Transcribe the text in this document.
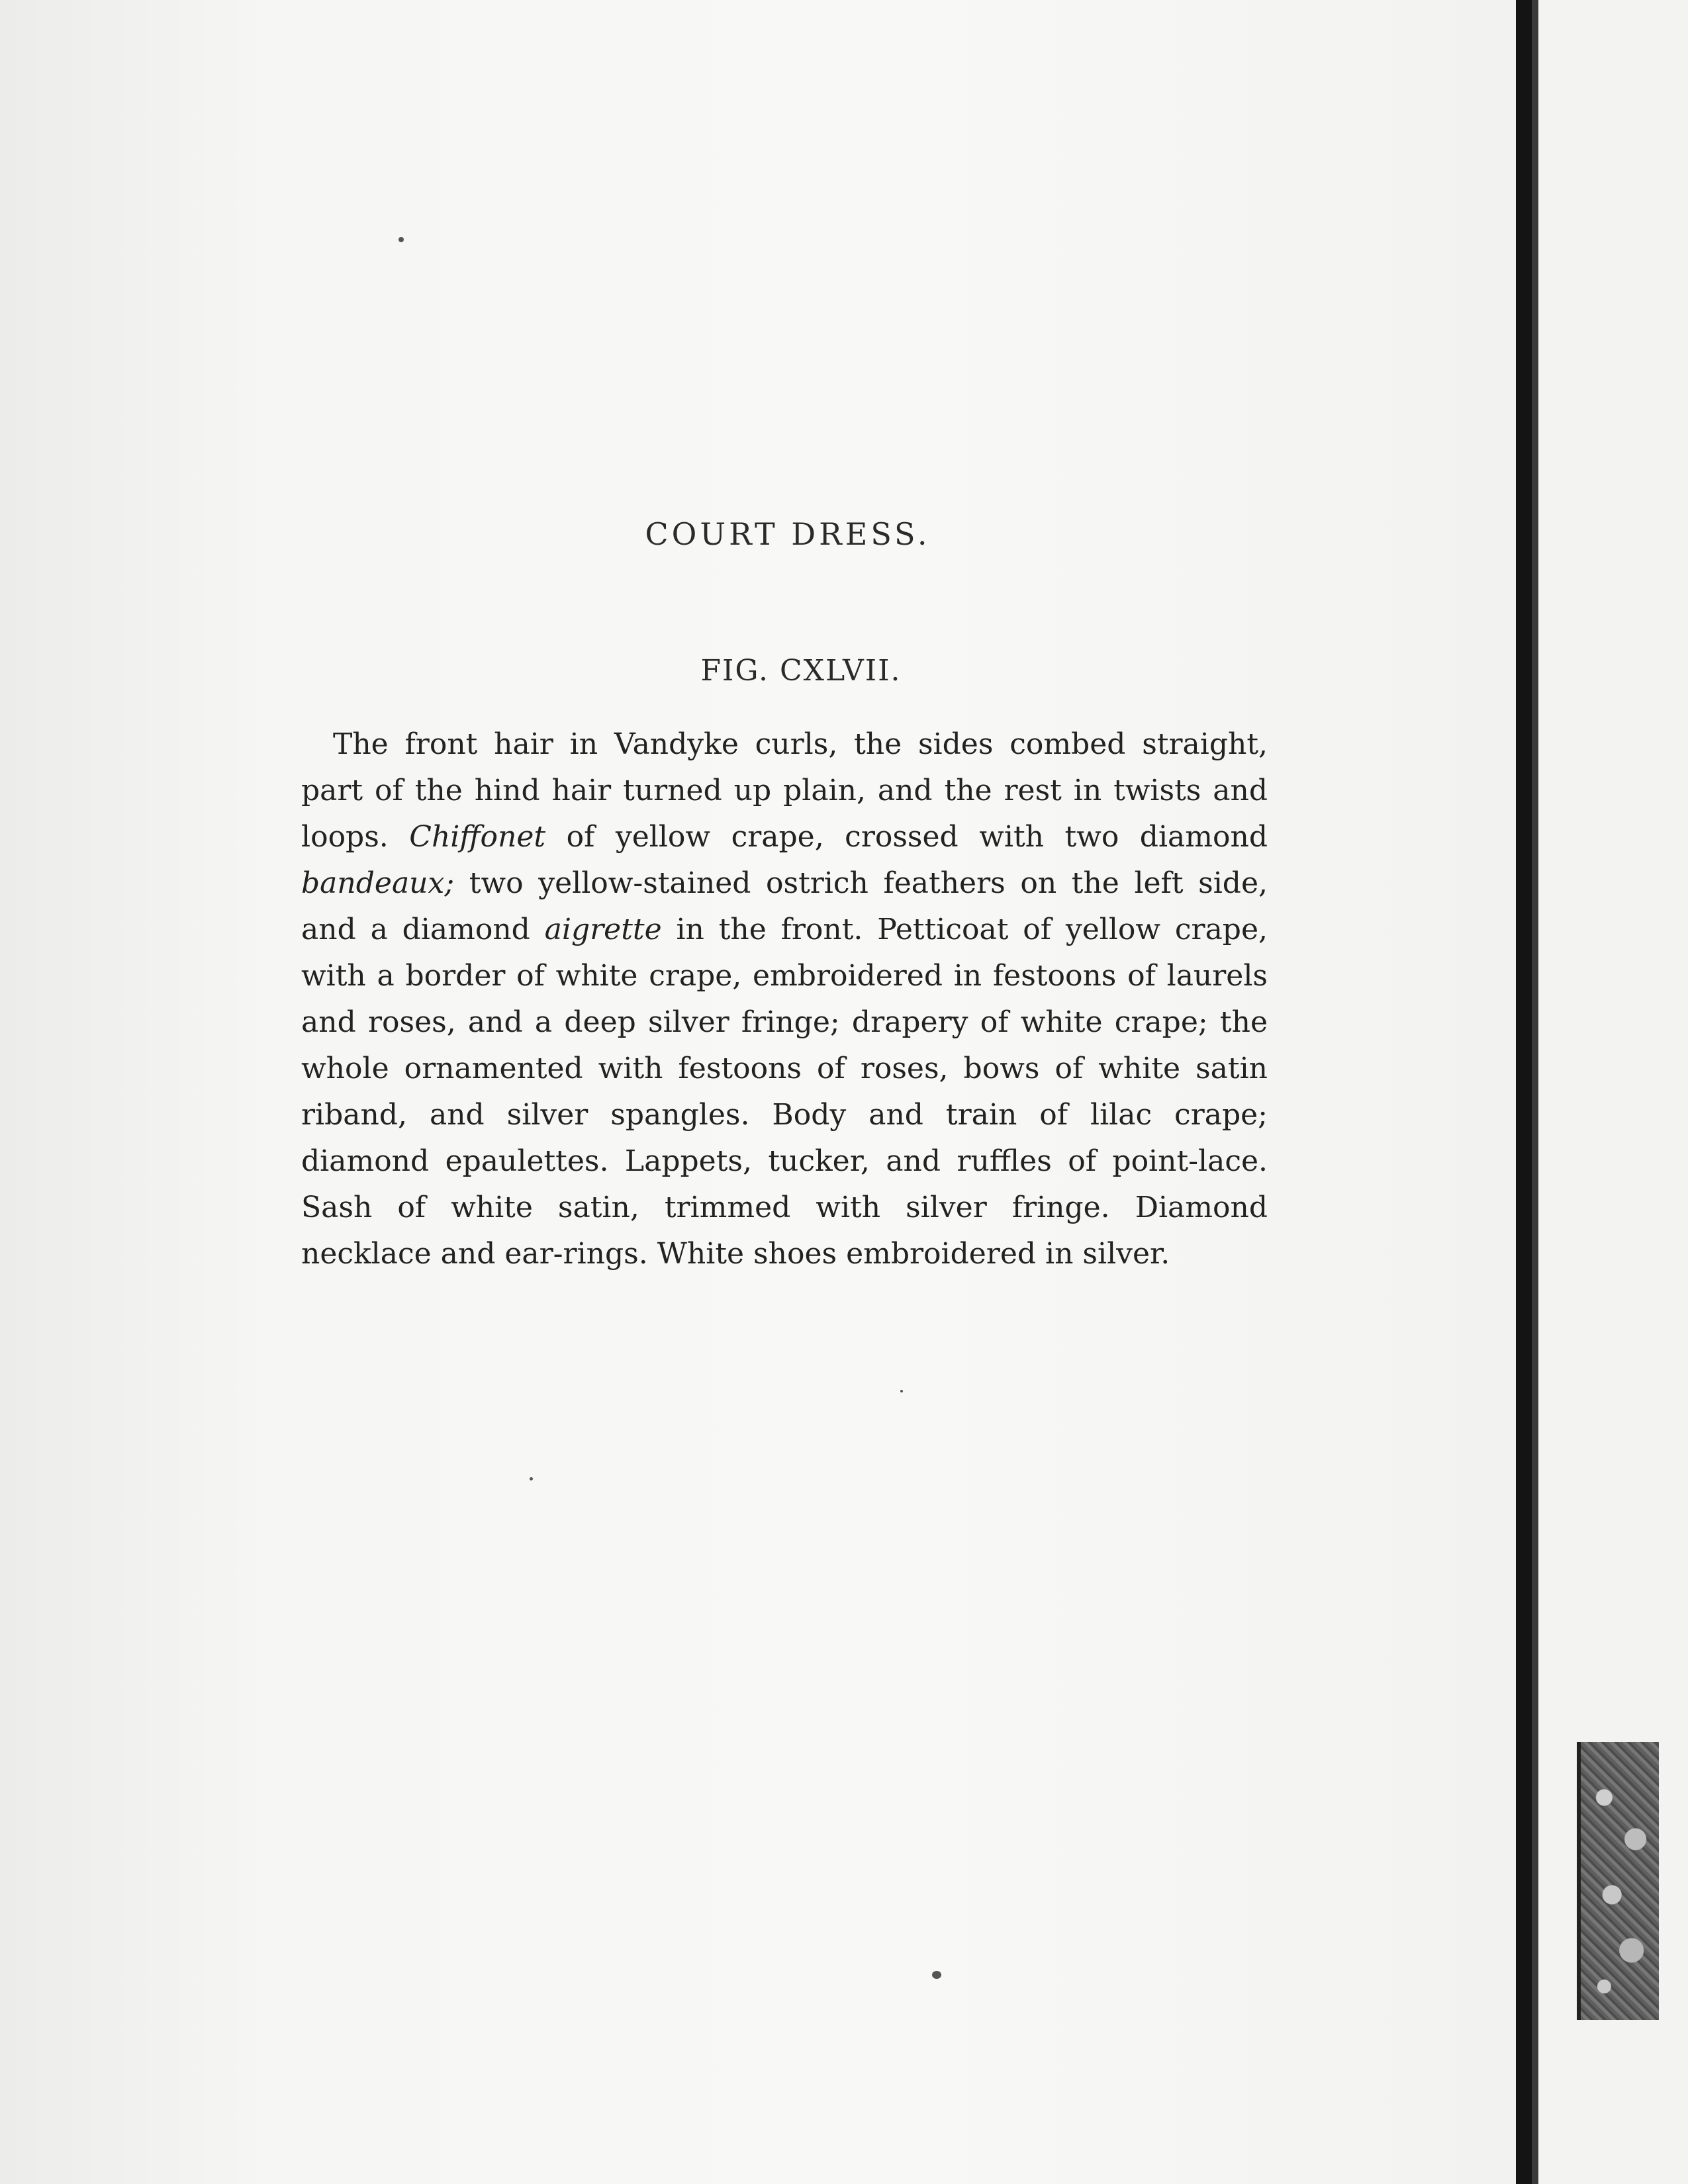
COURT DRESS.
FIG. CXLVII.
The front hair in Vandyke curls, the sides combed straight, part of the hind hair turned up plain, and the rest in twists and loops. Chiffonet of yellow crape, crossed with two diamond bandeaux; two yellow-stained ostrich feathers on the left side, and a diamond aigrette in the front. Petticoat of yellow crape, with a border of white crape, embroidered in festoons of laurels and roses, and a deep silver fringe; drapery of white crape; the whole ornamented with festoons of roses, bows of white satin riband, and silver spangles. Body and train of lilac crape; diamond epaulettes. Lappets, tucker, and ruffles of point-lace. Sash of white satin, trimmed with silver fringe. Diamond necklace and ear-rings. White shoes embroidered in silver.
